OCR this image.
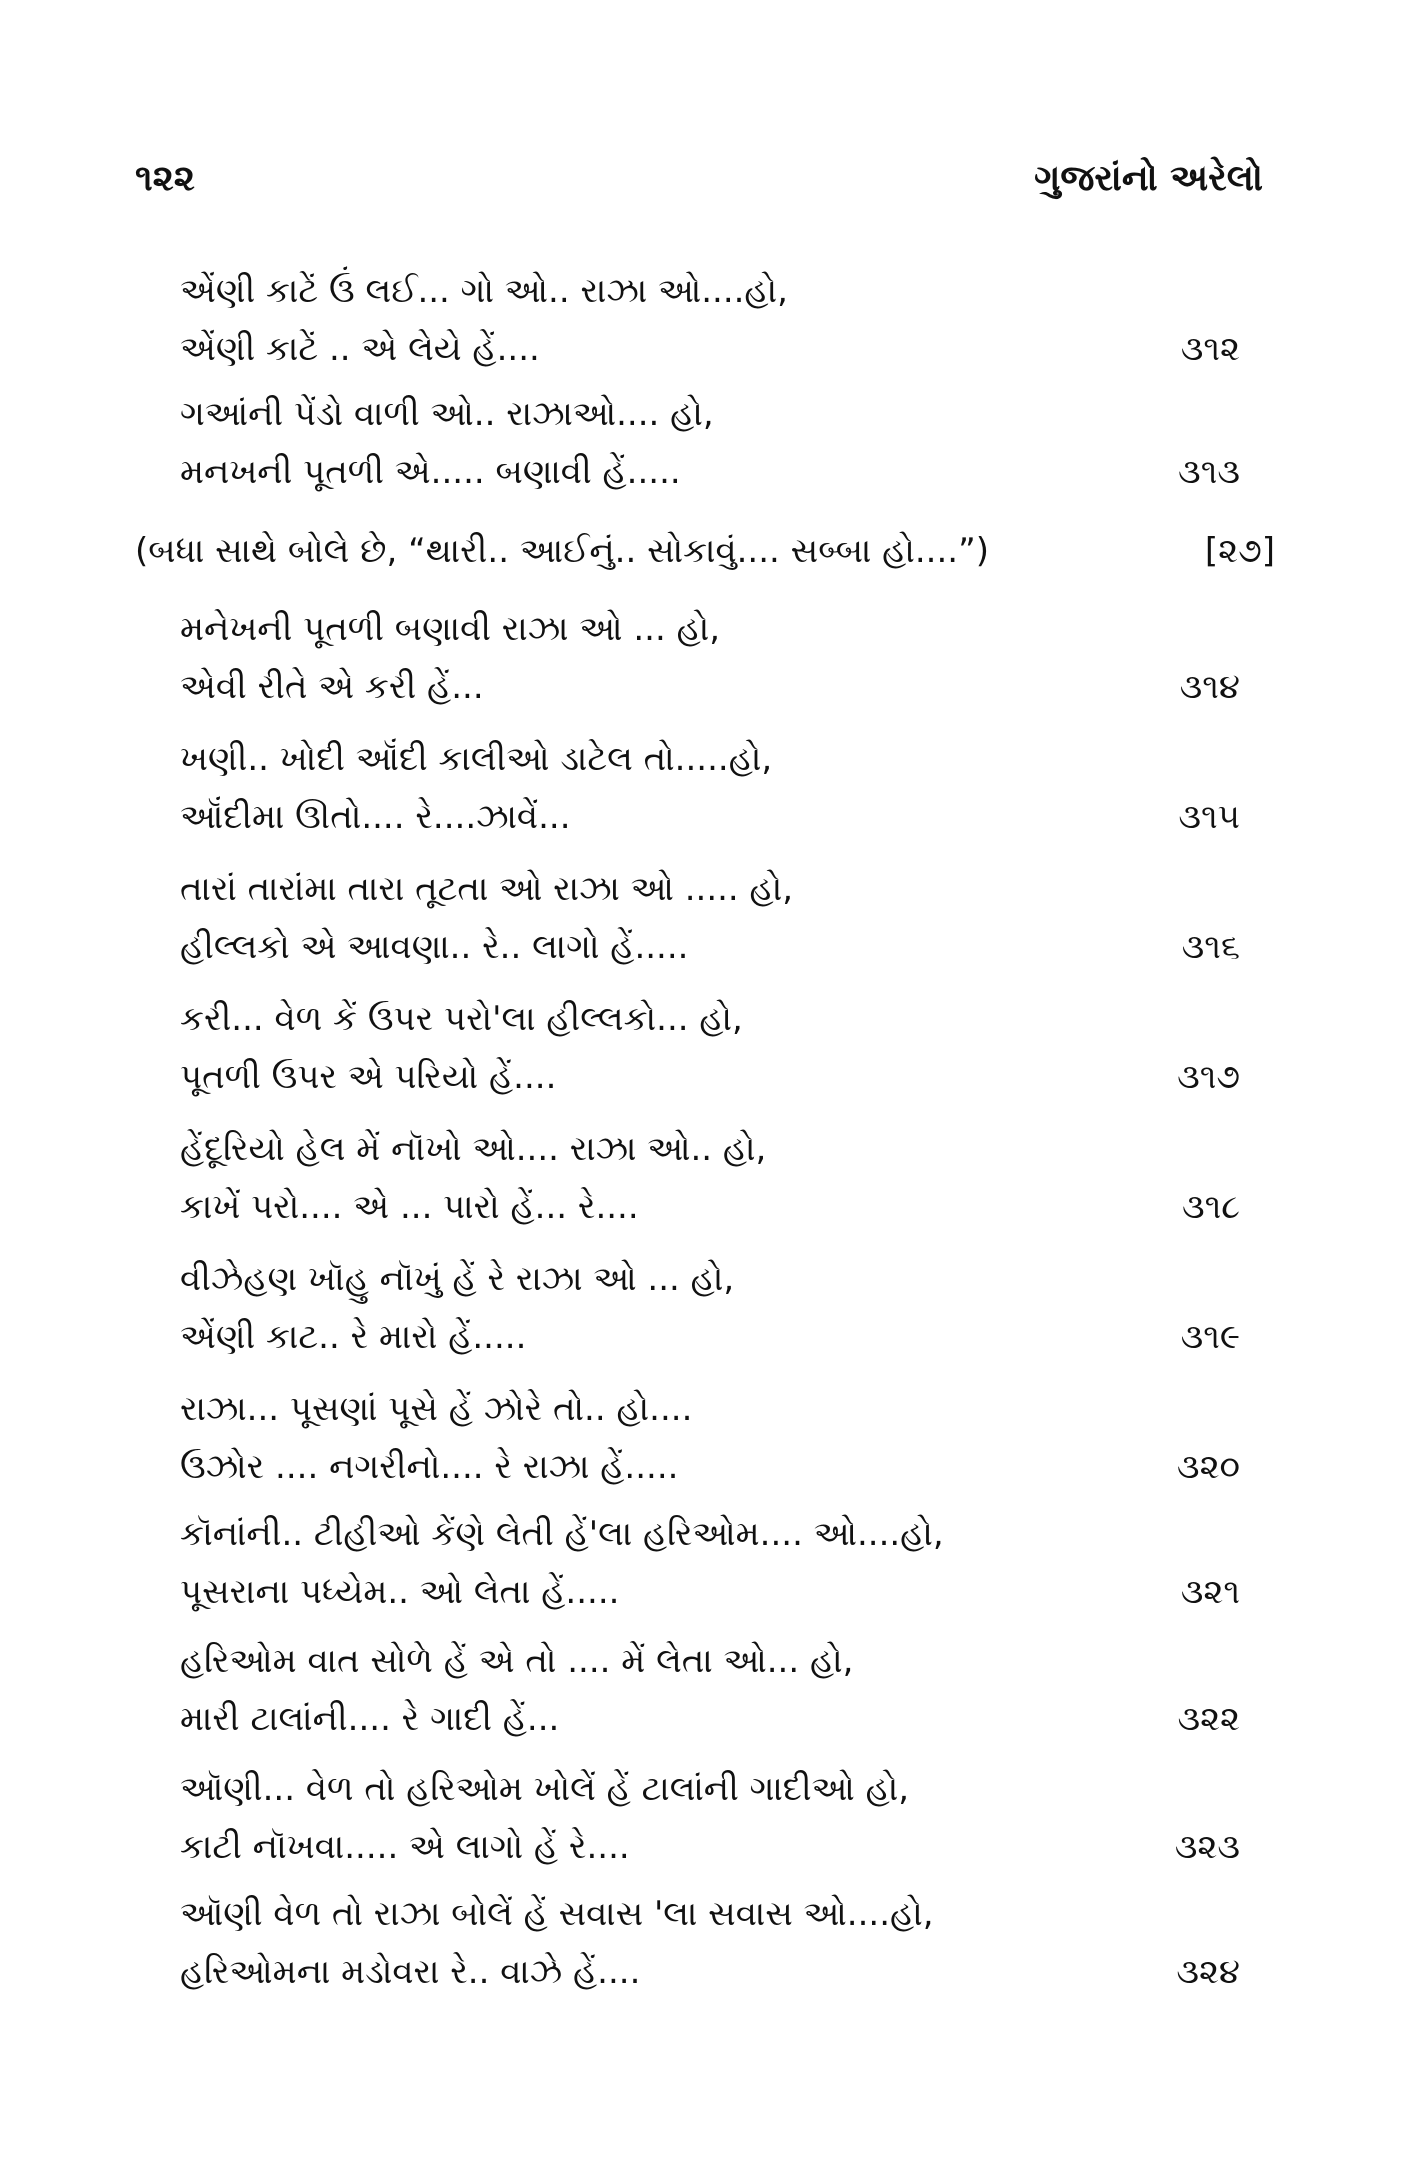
૧૨૨	ગુજરાંનો અરેલો
એંણી કાટેં ઉં લઈ... ગો ઓ.. રાઝા ઓ....હો,
એંણી કાટેં .. એ લેયે હેં....	૩૧૨
ગઆંની પેંડો વાળી ઓ.. રાઝાઓ.... હો,
મનખની પૂતળી એ..... બણાવી હેં.....	૩૧૩
(બધા સાથે બોલે છે, “થારી.. આઈનું.. સોકાવું.... સબ્બા હો....”)	[૨૭]
મનેખની પૂતળી બણાવી રાઝા ઓ ... હો,
એવી રીતે એ કરી હેં...	૩૧૪
ખણી.. ખોદી ઑંદી કાલીઓ ડાટેલ તો.....હો,
ઑંદીમા ઊતો.... રે....ઝાવેં...	૩૧૫
તારાં તારાંમા તારા તૂટતા ઓ રાઝા ઓ ..... હો,
હીલ્લકો એ આવણા.. રે.. લાગો હેં.....	૩૧૬
કરી... વેળ કેં ઉપર પરો'લા હીલ્લકો... હો,
પૂતળી ઉપર એ પરિયો હેં....	૩૧૭
હેંદૂરિયો હેલ મેં નૉખો ઓ.... રાઝા ઓ.. હો,
કાખેં પરો.... એ ... પારો હેં... રે....	૩૧૮
વીઝેહણ ખૉહુ નૉખું હેં રે રાઝા ઓ ... હો,
એંણી કાટ.. રે મારો હેં.....	૩૧૯
રાઝા... પૂસણાં પૂસે હેં ઝોરે તો.. હો....
ઉઝોર .... નગરીનો.... રે રાઝા હેં.....	૩૨૦
કૉનાંની.. ટીહીઓ કેંણે લેતી હેં'લા હરિઓમ.... ઓ....હો,
પૂસરાના પધ્યેમ.. ઓ લેતા હેં.....	૩૨૧
હરિઓમ વાત સોળે હેં એ તો .... મેં લેતા ઓ... હો,
મારી ટાલાંની.... રે ગાદી હેં...	૩૨૨
ઑણી... વેળ તો હરિઓમ ખોલેં હેં ટાલાંની ગાદીઓ હો,
કાટી નૉખવા..... એ લાગો હેં રે....	૩૨૩
ઑણી વેળ તો રાઝા બોલેં હેં સવાસ 'લા સવાસ ઓ....હો,
હરિઓમના મડોવરા રે.. વાઝે હેં....	૩૨૪
